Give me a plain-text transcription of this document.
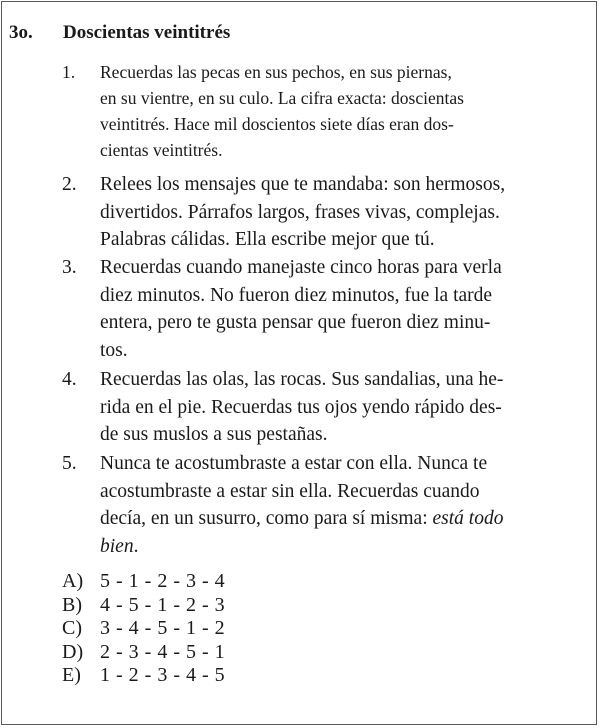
3o. Doscientas veintitrés
1. Recuerdas las pecas en sus pechos, en sus piernas,
en su vientre, en su culo. La cifra exacta: doscientas
veintitrés. Hace mil doscientos siete días eran dos-
cientas veintitrés.
2. Relees los mensajes que te mandaba: son hermosos,
divertidos. Párrafos largos, frases vivas, complejas.
Palabras cálidas. Ella escribe mejor que tú.
3. Recuerdas cuando manejaste cinco horas para verla
diez minutos. No fueron diez minutos, fue la tarde
entera, pero te gusta pensar que fueron diez minu-
tos.
4. Recuerdas las olas, las rocas. Sus sandalias, una he-
rida en el pie. Recuerdas tus ojos yendo rápido des-
de sus muslos a sus pestañas.
5. Nunca te acostumbraste a estar con ella. Nunca te
acostumbraste a estar sin ella. Recuerdas cuando
decía, en un susurro, como para sí misma: está todo
bien.
A) 5 - 1 - 2 - 3 - 4
B) 4 - 5 - 1 - 2 - 3
C) 3 - 4 - 5 - 1 - 2
D) 2 - 3 - 4 - 5 - 1
E) 1 - 2 - 3 - 4 - 5
